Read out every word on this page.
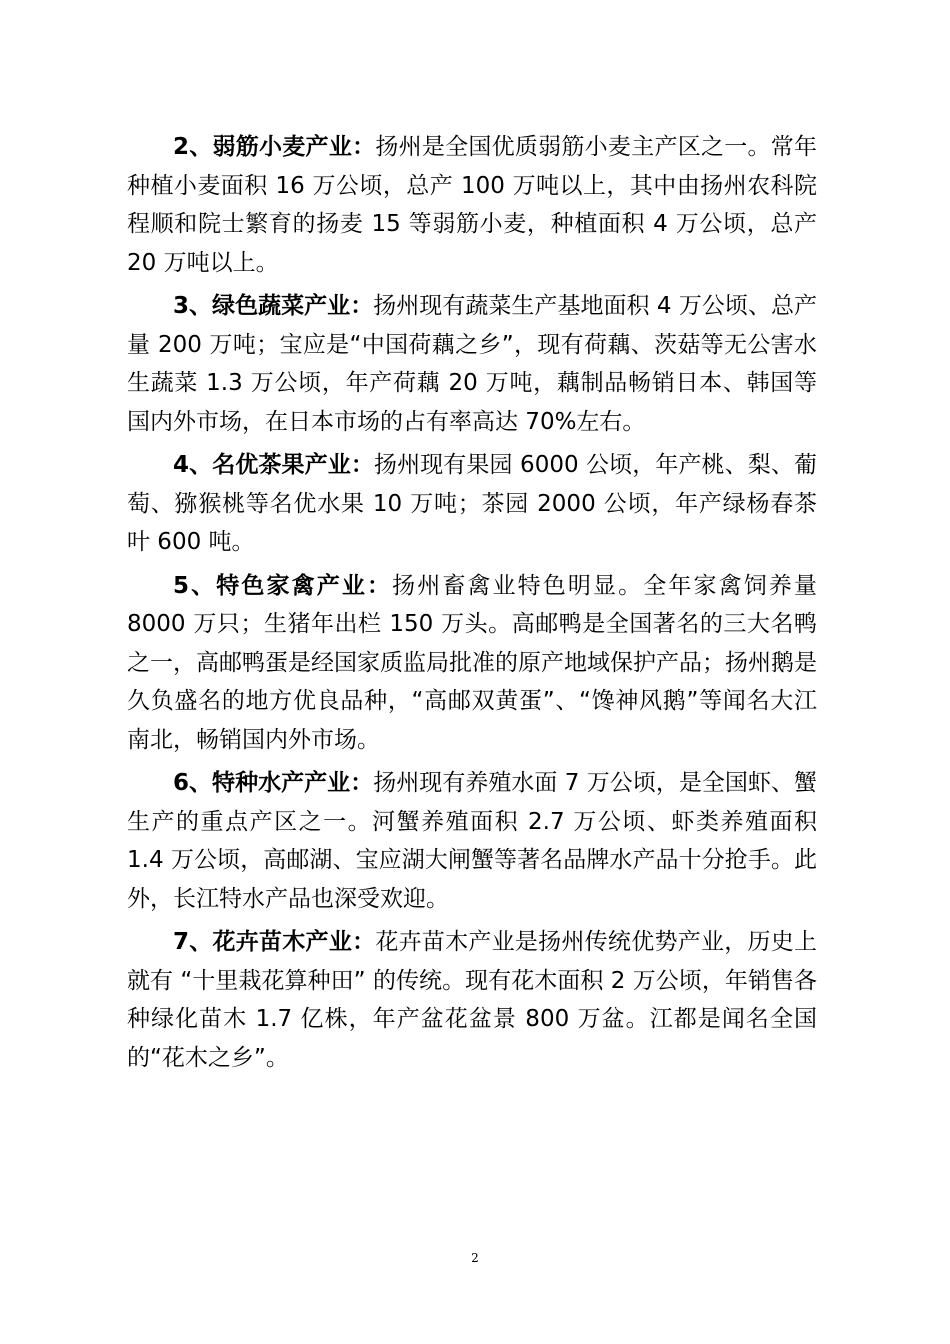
2、弱筋小麦产业：扬州是全国优质弱筋小麦主产区之一。常年种植小麦面积 16 万公顷，总产 100 万吨以上，其中由扬州农科院程顺和院士繁育的扬麦 15 等弱筋小麦，种植面积 4 万公顷，总产 20 万吨以上。

3、绿色蔬菜产业：扬州现有蔬菜生产基地面积 4 万公顷、总产量 200 万吨；宝应是“中国荷藕之乡”，现有荷藕、茨菇等无公害水生蔬菜 1.3 万公顷，年产荷藕 20 万吨，藕制品畅销日本、韩国等国内外市场，在日本市场的占有率高达 70%左右。

4、名优茶果产业：扬州现有果园 6000 公顷，年产桃、梨、葡萄、猕猴桃等名优水果 10 万吨；茶园 2000 公顷，年产绿杨春茶叶 600 吨。

5、特色家禽产业：扬州畜禽业特色明显。全年家禽饲养量 8000 万只；生猪年出栏 150 万头。高邮鸭是全国著名的三大名鸭之一，高邮鸭蛋是经国家质监局批准的原产地域保护产品；扬州鹅是久负盛名的地方优良品种，“高邮双黄蛋”、“馋神风鹅”等闻名大江南北，畅销国内外市场。

6、特种水产产业：扬州现有养殖水面 7 万公顷，是全国虾、蟹生产的重点产区之一。河蟹养殖面积 2.7 万公顷、虾类养殖面积 1.4 万公顷，高邮湖、宝应湖大闸蟹等著名品牌水产品十分抢手。此外，长江特水产品也深受欢迎。

7、花卉苗木产业：花卉苗木产业是扬州传统优势产业，历史上就有 “十里栽花算种田” 的传统。现有花木面积 2 万公顷，年销售各种绿化苗木 1.7 亿株，年产盆花盆景 800 万盆。江都是闻名全国的“花木之乡”。

2
